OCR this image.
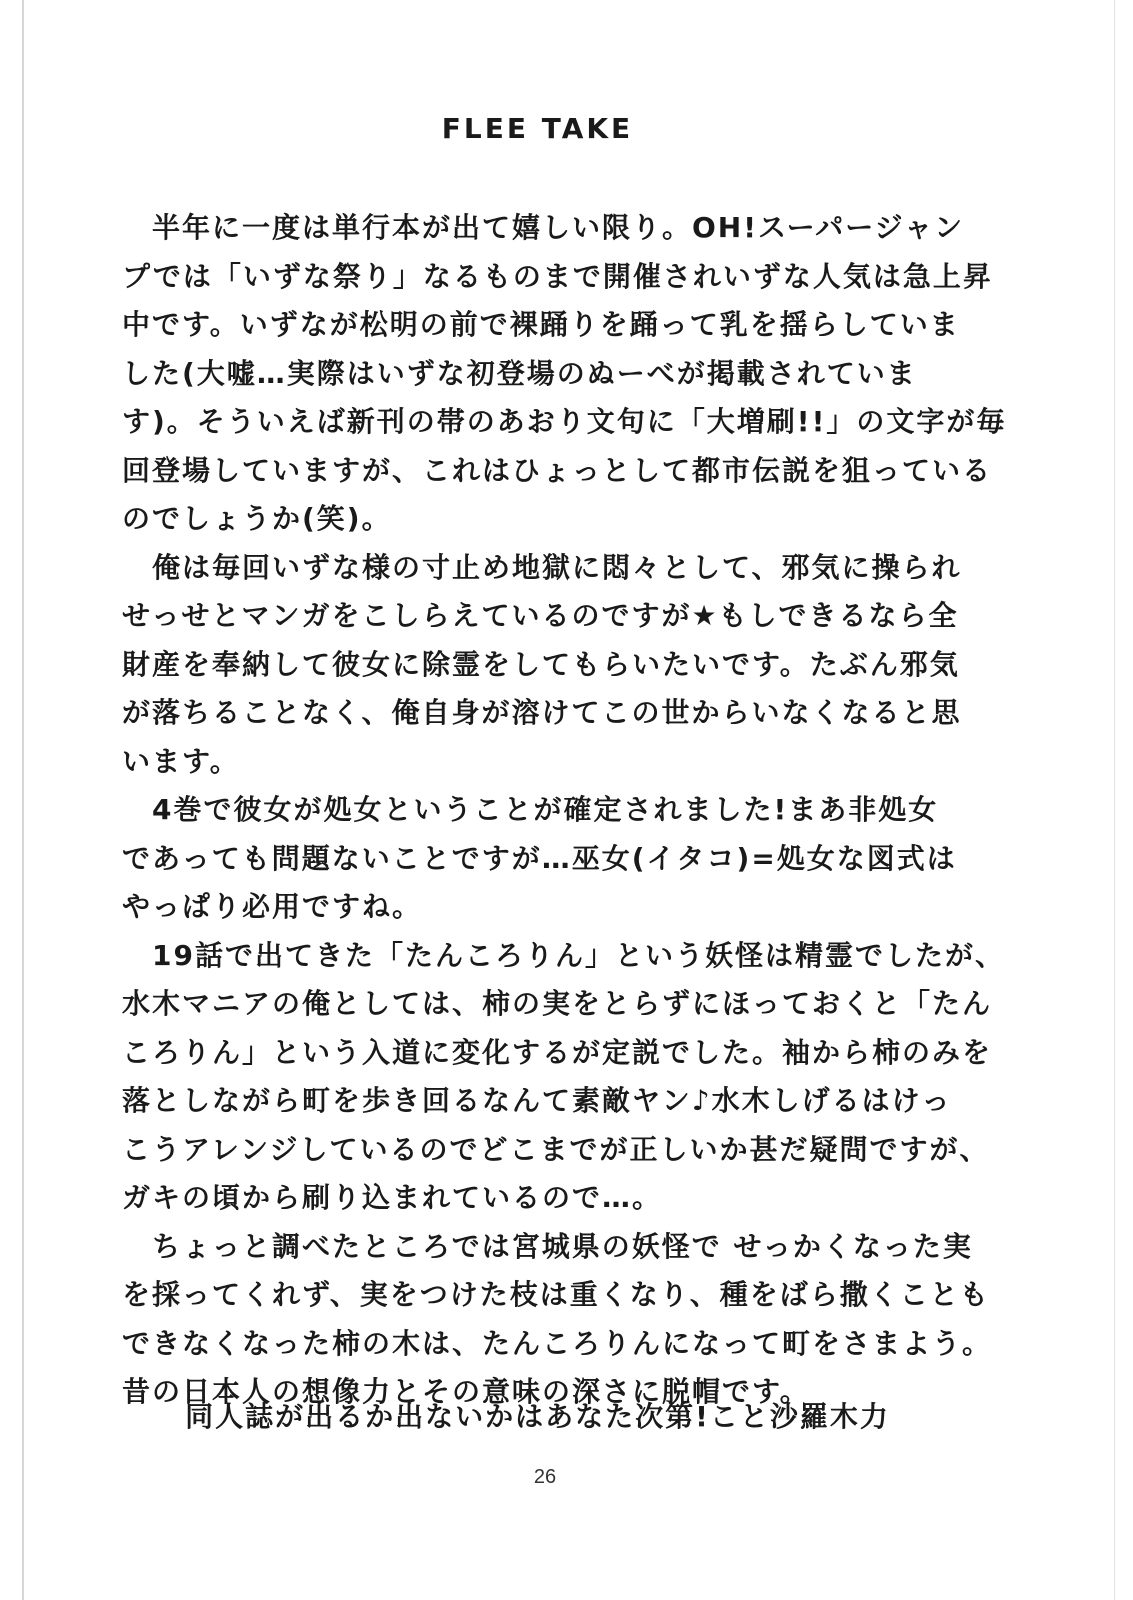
FLEE TAKE
　半年に一度は単行本が出て嬉しい限り。OH!スーパージャン
プでは「いずな祭り」なるものまで開催されいずな人気は急上昇
中です。いずなが松明の前で裸踊りを踊って乳を揺らしていま
した(大嘘…実際はいずな初登場のぬーべが掲載されていま
す)。そういえば新刊の帯のあおり文句に「大増刷!!」の文字が毎
回登場していますが、これはひょっとして都市伝説を狙っている
のでしょうか(笑)。
　俺は毎回いずな様の寸止め地獄に悶々として、邪気に操られ
せっせとマンガをこしらえているのですが★もしできるなら全
財産を奉納して彼女に除霊をしてもらいたいです。たぶん邪気
が落ちることなく、俺自身が溶けてこの世からいなくなると思
います。
　4巻で彼女が処女ということが確定されました!まあ非処女
であっても問題ないことですが…巫女(イタコ)=処女な図式は
やっぱり必用ですね。
　19話で出てきた「たんころりん」という妖怪は精霊でしたが、
水木マニアの俺としては、柿の実をとらずにほっておくと「たん
ころりん」という入道に変化するが定説でした。袖から柿のみを
落としながら町を歩き回るなんて素敵ヤン♪水木しげるはけっ
こうアレンジしているのでどこまでが正しいか甚だ疑問ですが、
ガキの頃から刷り込まれているので…。
　ちょっと調べたところでは宮城県の妖怪で せっかくなった実
を採ってくれず、実をつけた枝は重くなり、種をばら撒くことも
できなくなった柿の木は、たんころりんになって町をさまよう。
昔の日本人の想像力とその意味の深さに脱帽です。
同人誌が出るか出ないかはあなた次第!こと沙羅木力
26
